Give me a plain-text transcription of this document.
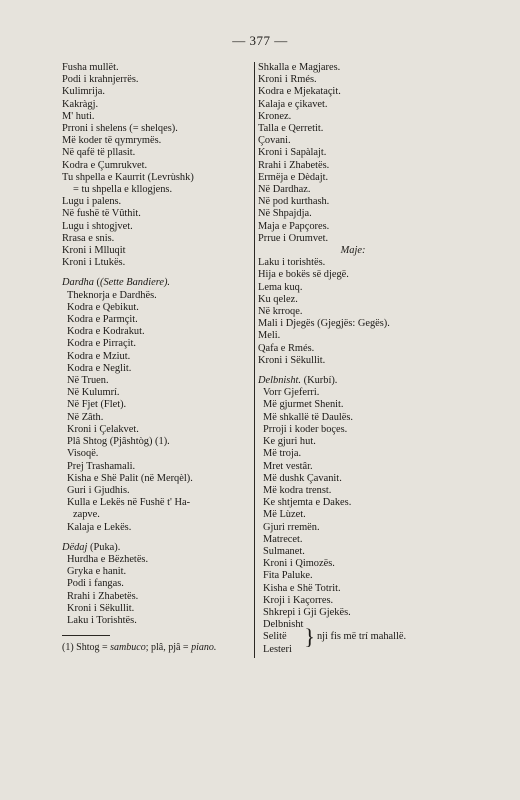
— 377 —

Fusha mullët.

Podi i krahnjerrës.

Kulimrija.

Kakràgj.

M' huti.

Prroni i shelens (= shelqes).

Më koder të qymrymës.

Në qafë të pllasit.

Kodra e Çumrukvet.

Tu shpella e Kaurrit (Levrùshk)

= tu shpella e kllogjens.

Lugu i palens.

Në fushë të Vûthit.

Lugu i shtogjvet.

Rrasa e snis.

Kroni i Mlluqit

Kroni i Ltukës.

Dardha ((Sette Bandiere).

Theknorja e Dardhës.

Kodra e Qebikut.

Kodra e Parmçit.

Kodra e Kodrakut.

Kodra e Pirraçit.

Kodra e Mziut.

Kodra e Neglit.

Në Truen.

Në Kulumrí.

Në Fjet (Flet).

Në Zâth.

Kroni i Çelakvet.

Plâ Shtog (Pjâshtòg) (1).

Visoqë.

Prej Trashamali.

Kisha e Shë Palit (në Merqèl).

Guri i Gjudhis.

Kulla e Lekës në Fushë t' Ha-

zapve.

Kalaja e Lekës.

Dëdaj (Puka).

Hurdha e Bëzhetës.

Gryka e hanit.

Podi i fangas.

Rrahi i Zhabetës.

Kroni i Sëkullit.

Laku i Torishtës.

(1) Shtog = sambuco; plâ, pjâ = piano.

Shkalla e Magjares.

Kroni i Rmés.

Kodra e Mjekataçit.

Kalaja e çikavet.

Kronez.

Talla e Qerretit.

Çovani.

Kroni i Sapàlajt.

Rrahi i Zhabetës.

Ermëja e Dèdajt.

Në Dardhaz.

Në pod kurthash.

Në Shpajdja.

Maja e Papçores.

Prrue i Orumvet.

Maje:

Laku i torishtës.

Hija e bokës së djegë.

Lema kuq.

Ku qelez.

Në krroqe.

Mali i Djegës (Gjegjës: Gegës).

Meli.

Qafa e Rmés.

Kroni i Sëkullit.

Delbnisht. (Kurbí).

Vorr Gjeferri.

Më gjurmet Shenit.

Më shkallë të Daulës.

Prroji i koder boçes.

Ke gjuri hut.

Më troja.

Mret vestâr.

Më dushk Çavanit.

Më kodra trenst.

Ke shtjemta e Dakes.

Më Lùzet.

Gjuri rremën.

Matrecet.

Sulmanet.

Kroni i Qimozës.

Fita Paluke.

Kisha e Shë Totrit.

Kroji i Kaçorres.

Shkrepi i Gji Gjekës.

Delbnisht

Selitë

Lesteri } nji fis më trí mahallë.
